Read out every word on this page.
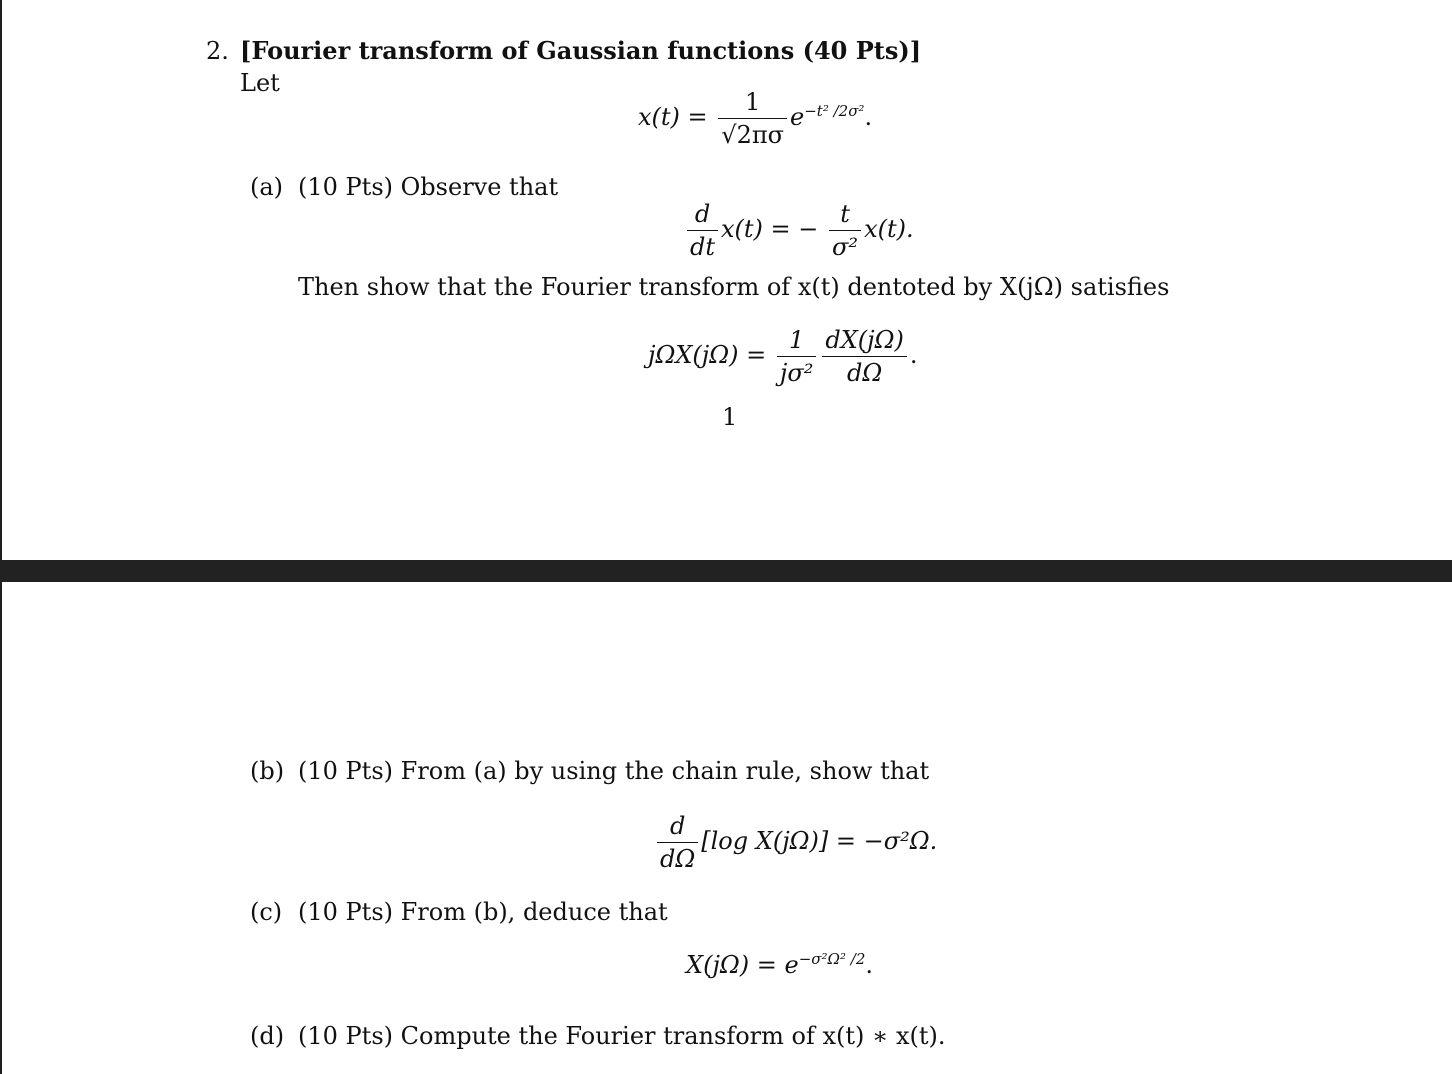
2. [Fourier transform of Gaussian functions (40 Pts)]
Let
$x(t) = \frac{1}{√2\pi\sigma} e^{-t^2 /2\sigma^2}$.
(a) (10 Pts) Observe that
$\frac{d}{dt} x(t)$ = − $\frac{t}{\text{σ²}} x(t)$.
Then show that the Fourier transform of x(t) dentoted by X(jΩ) satisfies
$j\Omega X(j\Omega) = \frac{1}{\text{jσ²}} \frac{dX(j\Omega)}{d\Omega}$ .
1
(b) (10 Pts) From (a) by using the chain rule, show that
$\frac{d}{d\Omega} [\log$ X(jΩ)] = −σ²Ω.
(c) (10 Pts) From (b), deduce that
$X(j\Omega) = e^{-\sigma^2\Omega^2 /2}$.
(d) (10 Pts) Compute the Fourier transform of x(t) ∗ x(t).
